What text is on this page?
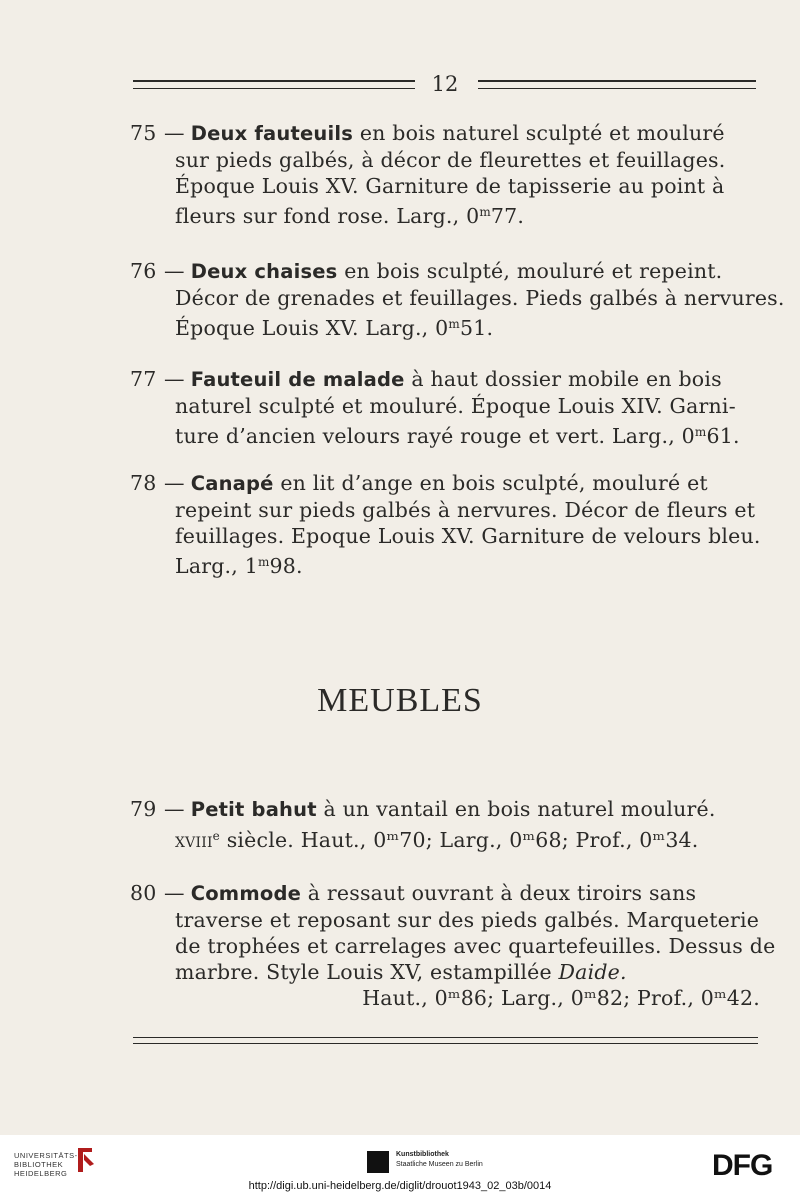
12
75 — Deux fauteuils en bois naturel sculpté et mouluré
sur pieds galbés, à décor de fleurettes et feuillages.
Époque Louis XV. Garniture de tapisserie au point à
fleurs sur fond rose. Larg., 0$^m$77.
76 — Deux chaises en bois sculpté, mouluré et repeint.
Décor de grenades et feuillages. Pieds galbés à nervures.
Époque Louis XV. Larg., 0$^m$51.
77 — Fauteuil de malade à haut dossier mobile en bois
naturel sculpté et mouluré. Époque Louis XIV. Garni-
ture d’ancien velours rayé rouge et vert. Larg., 0$^m$61.
78 — Canapé en lit d’ange en bois sculpté, mouluré et
repeint sur pieds galbés à nervures. Décor de fleurs et
feuillages. Epoque Louis XV. Garniture de velours bleu.
Larg., 1$^m$98.
MEUBLES
79 — Petit bahut à un vantail en bois naturel mouluré.
xviii$^e$ siècle. Haut., 0ᵐ70; Larg., 0ᵐ68; Prof., 0ᵐ34.
80 — Commode à ressaut ouvrant à deux tiroirs sans
traverse et reposant sur des pieds galbés. Marqueterie
de trophées et carrelages avec quartefeuilles. Dessus de
marbre. Style Louis XV, estampillée Daide.
Haut., 0ᵐ86; Larg., 0ᵐ82; Prof., 0ᵐ42.
UNIVERSITÄTS-
BIBLIOTHEK
HEIDELBERG
Kunstbibliothek
Staatliche Museen zu Berlin	DFG
http://digi.ub.uni-heidelberg.de/diglit/drouot1943_02_03b/0014
